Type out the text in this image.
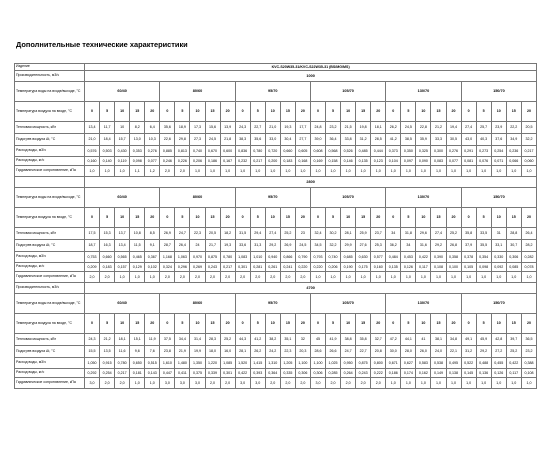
Дополнительные технические характеристики
Изделие	KVC-S20W35-31/KVC-S22W35-31 (BS/MG/MS)																													
Производительность, м3/ч	1000																													
Температура воды на входе/выходе, °С	60/40					80/60					95/70					105/70					130/70					150/70				
Температура воздуха на входе, °С	0	5	10	15	20	0	5	10	15	20	0	5	10	15	20	0	5	10	15	20	0	5	10	15	20	0	5	10	15	20
Тепловая мощность, кВт	13,4	11,7	10	8,2	6,4	35,6	18,9	17,3	15,6	13,9	24,3	22,7	21,0	19,3	17,7	24,8	23,2	21,5	19,8	18,1	26,2	24,5	22,8	21,2	19,4	27,4	25,7	23,9	22,2	20,5
Подогрев воздуха Δt, °С	21,0	18,4	15,7	13,0	10,3	22,6	29,8	27,3	24,5	21,8	38,3	35,6	33,0	30,4	27,7	39,0	36,4	33,8	31,2	28,5	41,2	38,5	35,9	33,3	30,5	43,0	40,3	37,6	34,9	32,2
Расход воды, м3/ч	0,576	0,503	0,430	0,353	0,276	0,885	0,813	0,740	0,670	0,600	0,836	0,780	0,720	0,660	0,605	0,608	0,568	0,526	0,485	0,444	0,373	0,350	0,325	0,300	0,276	0,291	0,273	0,254	0,236	0,217
Расход воды, кг/с	0,160	0,140	0,119	0,098	0,077	0,246	0,226	0,206	0,186	0,167	0,232	0,217	0,200	0,183	0,168	0,169	0,158	0,146	0,135	0,123	0,104	0,097	0,090	0,083	0,077	0,081	0,076	0,071	0,066	0,060
Гидравлическое сопротивление, кПа	1,0	1,0	1,0	1,1	1,2	2,0	2,0	1,0	1,0	1,0	1,0	1,0	1,0	1,0	1,0	1,0	1,0	1,0	1,0	1,0	1,0	1,0	1,0	1,0	1,0	1,0	1,0	1,0	1,0	1,0
	2800																													
Температура воды на входе/выходе, °С	60/40					80/60					95/70					105/70					130/70					150/70				
Температура воздуха на входе, °С	0	5	10	15	20	0	5	10	15	20	0	5	10	15	20	0	5	10	15	20	0	5	10	15	20	0	5	10	15	20
Тепловая мощность, кВт	17,5	15,3	13,7	10,8	8,5	26,9	24,7	22,3	20,5	18,2	31,5	29,4	27,4	25,2	23	32,4	30,2	28,1	25,9	23,7	34	31,8	29,6	27,4	25,2	35,8	33,5	31	28,8	26,4
Подогрев воздуха Δt, °С	18,7	16,3	13,4	11,5	9,1	28,7	26,4	24	21,7	19,3	33,6	31,3	29,2	26,9	24,5	34,5	32,2	29,9	27,6	25,3	36,2	34	31,6	29,2	26,8	37,9	35,5	33,1	30,7	28,2
Расход воды, м3/ч	0,753	0,660	0,565	0,465	0,367	1,168	1,063	0,970	0,875	0,780	1,083	1,010	0,940	0,866	0,790	0,793	0,740	0,685	0,630	0,577	0,484	0,453	0,422	0,390	0,358	0,378	0,354	0,330	0,306	0,282
Расход воды, кг/с	0,209	0,183	0,157	0,129	0,102	0,324	0,296	0,269	0,243	0,217	0,301	0,281	0,261	0,241	0,220	0,220	0,206	0,190	0,175	0,160	0,135	0,126	0,117	0,108	0,100	0,105	0,098	0,092	0,085	0,078
Гидравлическое сопротивление, кПа	2,0	2,0	1,0	1,0	1,0	2,0	2,0	2,0	2,0	2,0	2,0	2,0	2,0	2,0	2,0	1,0	1,0	1,0	1,0	1,0	1,0	1,0	1,0	1,0	1,0	1,0	1,0	1,0	1,0	1,0
Производительность, м3/ч	4700																													
Температура воды на входе/выходе, °С	60/40					80/60					95/70					105/70					130/70					150/70				
Температура воздуха на входе, °С	0	5	10	15	20	0	5	10	15	20	0	5	10	15	20	0	5	10	15	20	0	5	10	15	20	0	5	10	15	20
Тепловая мощность, кВт	24,3	21,2	18,1	15,1	11,9	37,5	34,4	31,4	28,3	25,2	44,3	41,2	38,2	35,1	32	45	41,9	38,8	35,8	32,7	47,2	44,1	41	38,1	34,8	49,1	45,9	42,8	39,7	36,5
Подогрев воздуха Δt, °С	15,5	13,5	11,6	9,6	7,6	23,8	21,9	19,9	18,0	16,0	28,1	26,2	24,2	22,3	20,3	28,6	26,6	24,7	22,7	20,8	30,0	28,0	26,0	24,0	22,1	31,2	29,2	27,2	25,2	23,2
Расход воды, м3/ч	1,050	0,915	0,780	0,650	0,515	1,610	1,480	1,350	1,220	1,085	1,520	1,415	1,310	1,205	1,100	1,100	1,025	0,950	0,875	0,800	0,671	0,627	0,583	0,538	0,495	0,522	0,488	0,455	0,422	0,388
Расход воды, кг/с	0,292	0,254	0,217	0,181	0,143	0,447	0,411	0,375	0,339	0,301	0,422	0,393	0,364	0,335	0,306	0,306	0,285	0,264	0,243	0,222	0,186	0,174	0,162	0,149	0,138	0,145	0,136	0,126	0,117	0,108
Гидравлическое сопротивление, кПа	3,0	2,0	2,0	1,0	1,0	3,0	3,0	3,0	2,0	2,0	3,0	3,0	2,0	2,0	2,0	3,0	2,0	2,0	2,0	2,0	1,0	1,0	1,0	1,0	1,0	1,0	1,0	1,0	1,0	1,0
